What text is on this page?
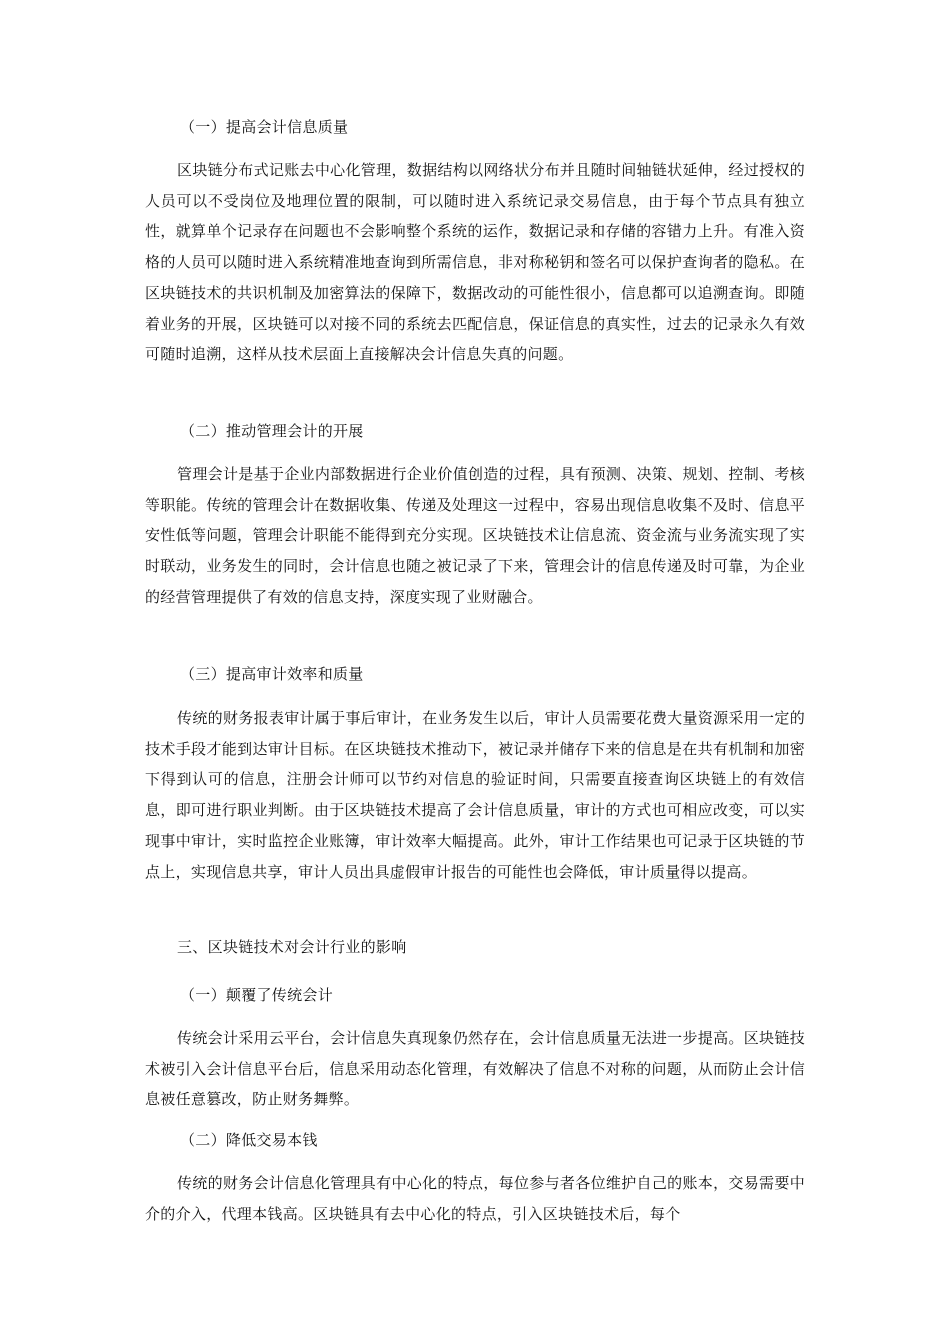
（一）提高会计信息质量

区块链分布式记账去中心化管理，数据结构以网络状分布并且随时间轴链状延伸，经过授权的人员可以不受岗位及地理位置的限制，可以随时进入系统记录交易信息，由于每个节点具有独立性，就算单个记录存在问题也不会影响整个系统的运作，数据记录和存储的容错力上升。有准入资格的人员可以随时进入系统精准地查询到所需信息，非对称秘钥和签名可以保护查询者的隐私。在区块链技术的共识机制及加密算法的保障下，数据改动的可能性很小，信息都可以追溯查询。即随着业务的开展，区块链可以对接不同的系统去匹配信息，保证信息的真实性，过去的记录永久有效可随时追溯，这样从技术层面上直接解决会计信息失真的问题。

（二）推动管理会计的开展

管理会计是基于企业内部数据进行企业价值创造的过程，具有预测、决策、规划、控制、考核等职能。传统的管理会计在数据收集、传递及处理这一过程中，容易出现信息收集不及时、信息平安性低等问题，管理会计职能不能得到充分实现。区块链技术让信息流、资金流与业务流实现了实时联动，业务发生的同时，会计信息也随之被记录了下来，管理会计的信息传递及时可靠，为企业的经营管理提供了有效的信息支持，深度实现了业财融合。

（三）提高审计效率和质量

传统的财务报表审计属于事后审计，在业务发生以后，审计人员需要花费大量资源采用一定的技术手段才能到达审计目标。在区块链技术推动下，被记录并储存下来的信息是在共有机制和加密下得到认可的信息，注册会计师可以节约对信息的验证时间，只需要直接查询区块链上的有效信息，即可进行职业判断。由于区块链技术提高了会计信息质量，审计的方式也可相应改变，可以实现事中审计，实时监控企业账簿，审计效率大幅提高。此外，审计工作结果也可记录于区块链的节点上，实现信息共享，审计人员出具虚假审计报告的可能性也会降低，审计质量得以提高。

三、区块链技术对会计行业的影响

（一）颠覆了传统会计

传统会计采用云平台，会计信息失真现象仍然存在，会计信息质量无法进一步提高。区块链技术被引入会计信息平台后，信息采用动态化管理，有效解决了信息不对称的问题，从而防止会计信息被任意篡改，防止财务舞弊。

（二）降低交易本钱

传统的财务会计信息化管理具有中心化的特点，每位参与者各位维护自己的账本，交易需要中介的介入，代理本钱高。区块链具有去中心化的特点，引入区块链技术后，每个
